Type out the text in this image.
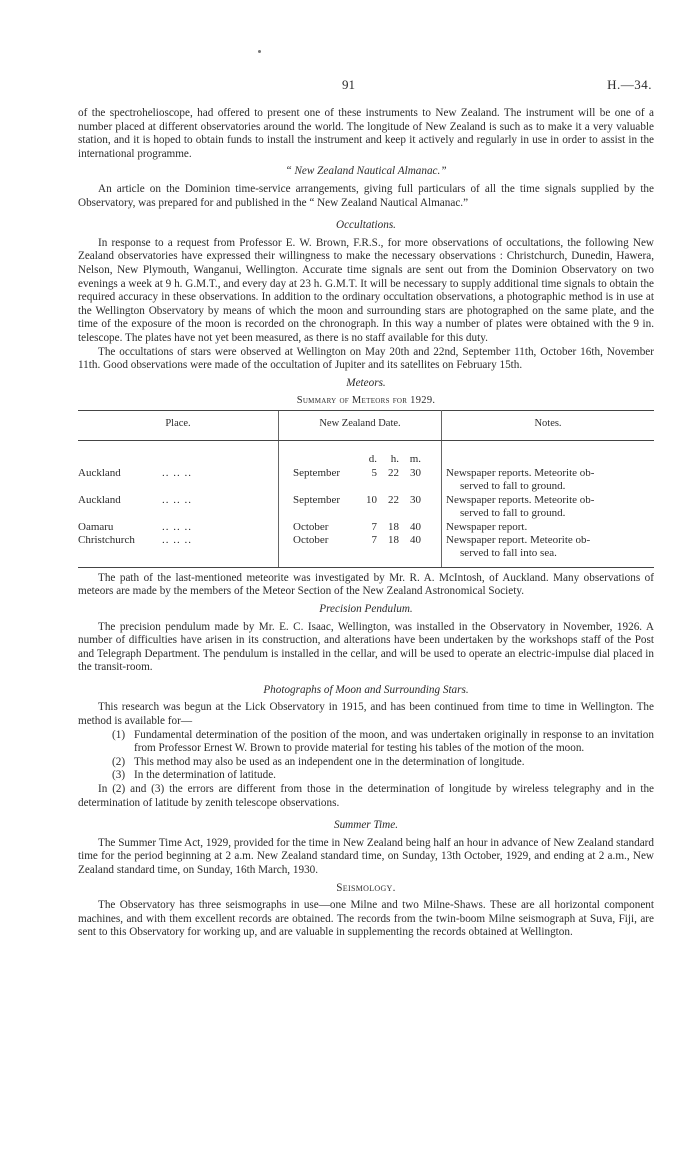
91	H.—34.

of the spectrohelioscope, had offered to present one of these instruments to New Zealand. The instrument will be one of a number placed at different observatories around the world. The longitude of New Zealand is such as to make it a very valuable station, and it is hoped to obtain funds to install the instrument and keep it actively and regularly in use in order to assist in the international programme.

“ New Zealand Nautical Almanac.”

An article on the Dominion time-service arrangements, giving full particulars of all the time signals supplied by the Observatory, was prepared for and published in the “ New Zealand Nautical Almanac.”

Occultations.

In response to a request from Professor E. W. Brown, F.R.S., for more observations of occultations, the following New Zealand observatories have expressed their willingness to make the necessary observations : Christchurch, Dunedin, Hawera, Nelson, New Plymouth, Wanganui, Wellington. Accurate time signals are sent out from the Dominion Observatory on two evenings a week at 9 h. G.M.T., and every day at 23 h. G.M.T. It will be necessary to supply additional time signals to obtain the required accuracy in these observations. In addition to the ordinary occultation observations, a photographic method is in use at the Wellington Observatory by means of which the moon and surrounding stars are photographed on the same plate, and the time of the exposure of the moon is recorded on the chronograph. In this way a number of plates were obtained with the 9 in. telescope. The plates have not yet been measured, as there is no staff available for this duty.

The occultations of stars were observed at Wellington on May 20th and 22nd, September 11th, October 16th, November 11th. Good observations were made of the occultation of Jupiter and its satellites on February 15th.

Meteors.
Summary of Meteors for 1929.
Place.	New Zealand Date.	Notes.
	d. h. m.	
Auckland .. .. ..	September 5 22 30	Newspaper reports. Meteorite ob-
served to fall to ground.

Auckland .. .. ..	September 10 22 30	Newspaper reports. Meteorite ob-
served to fall to ground.

Oamaru .. .. ..	October 7 18 40	Newspaper report.

Christchurch .. .. ..	October 7 18 40	Newspaper report. Meteorite ob-
served to fall into sea.

The path of the last-mentioned meteorite was investigated by Mr. R. A. McIntosh, of Auckland. Many observations of meteors are made by the members of the Meteor Section of the New Zealand Astronomical Society.

Precision Pendulum.

The precision pendulum made by Mr. E. C. Isaac, Wellington, was installed in the Observatory in November, 1926. A number of difficulties have arisen in its construction, and alterations have been undertaken by the workshops staff of the Post and Telegraph Department. The pendulum is installed in the cellar, and will be used to operate an electric-impulse dial placed in the transit-room.

Photographs of Moon and Surrounding Stars.

This research was begun at the Lick Observatory in 1915, and has been continued from time to time in Wellington. The method is available for—

(1) Fundamental determination of the position of the moon, and was undertaken originally in response to an invitation from Professor Ernest W. Brown to provide material for testing his tables of the motion of the moon.
(2) This method may also be used as an independent one in the determination of longitude.
(3) In the determination of latitude.

In (2) and (3) the errors are different from those in the determination of longitude by wireless telegraphy and in the determination of latitude by zenith telescope observations.

Summer Time.

The Summer Time Act, 1929, provided for the time in New Zealand being half an hour in advance of New Zealand standard time for the period beginning at 2 a.m. New Zealand standard time, on Sunday, 13th October, 1929, and ending at 2 a.m., New Zealand standard time, on Sunday, 16th March, 1930.

Seismology.

The Observatory has three seismographs in use—one Milne and two Milne-Shaws. These are all horizontal component machines, and with them excellent records are obtained. The records from the twin-boom Milne seismograph at Suva, Fiji, are sent to this Observatory for working up, and are valuable in supplementing the records obtained at Wellington.
